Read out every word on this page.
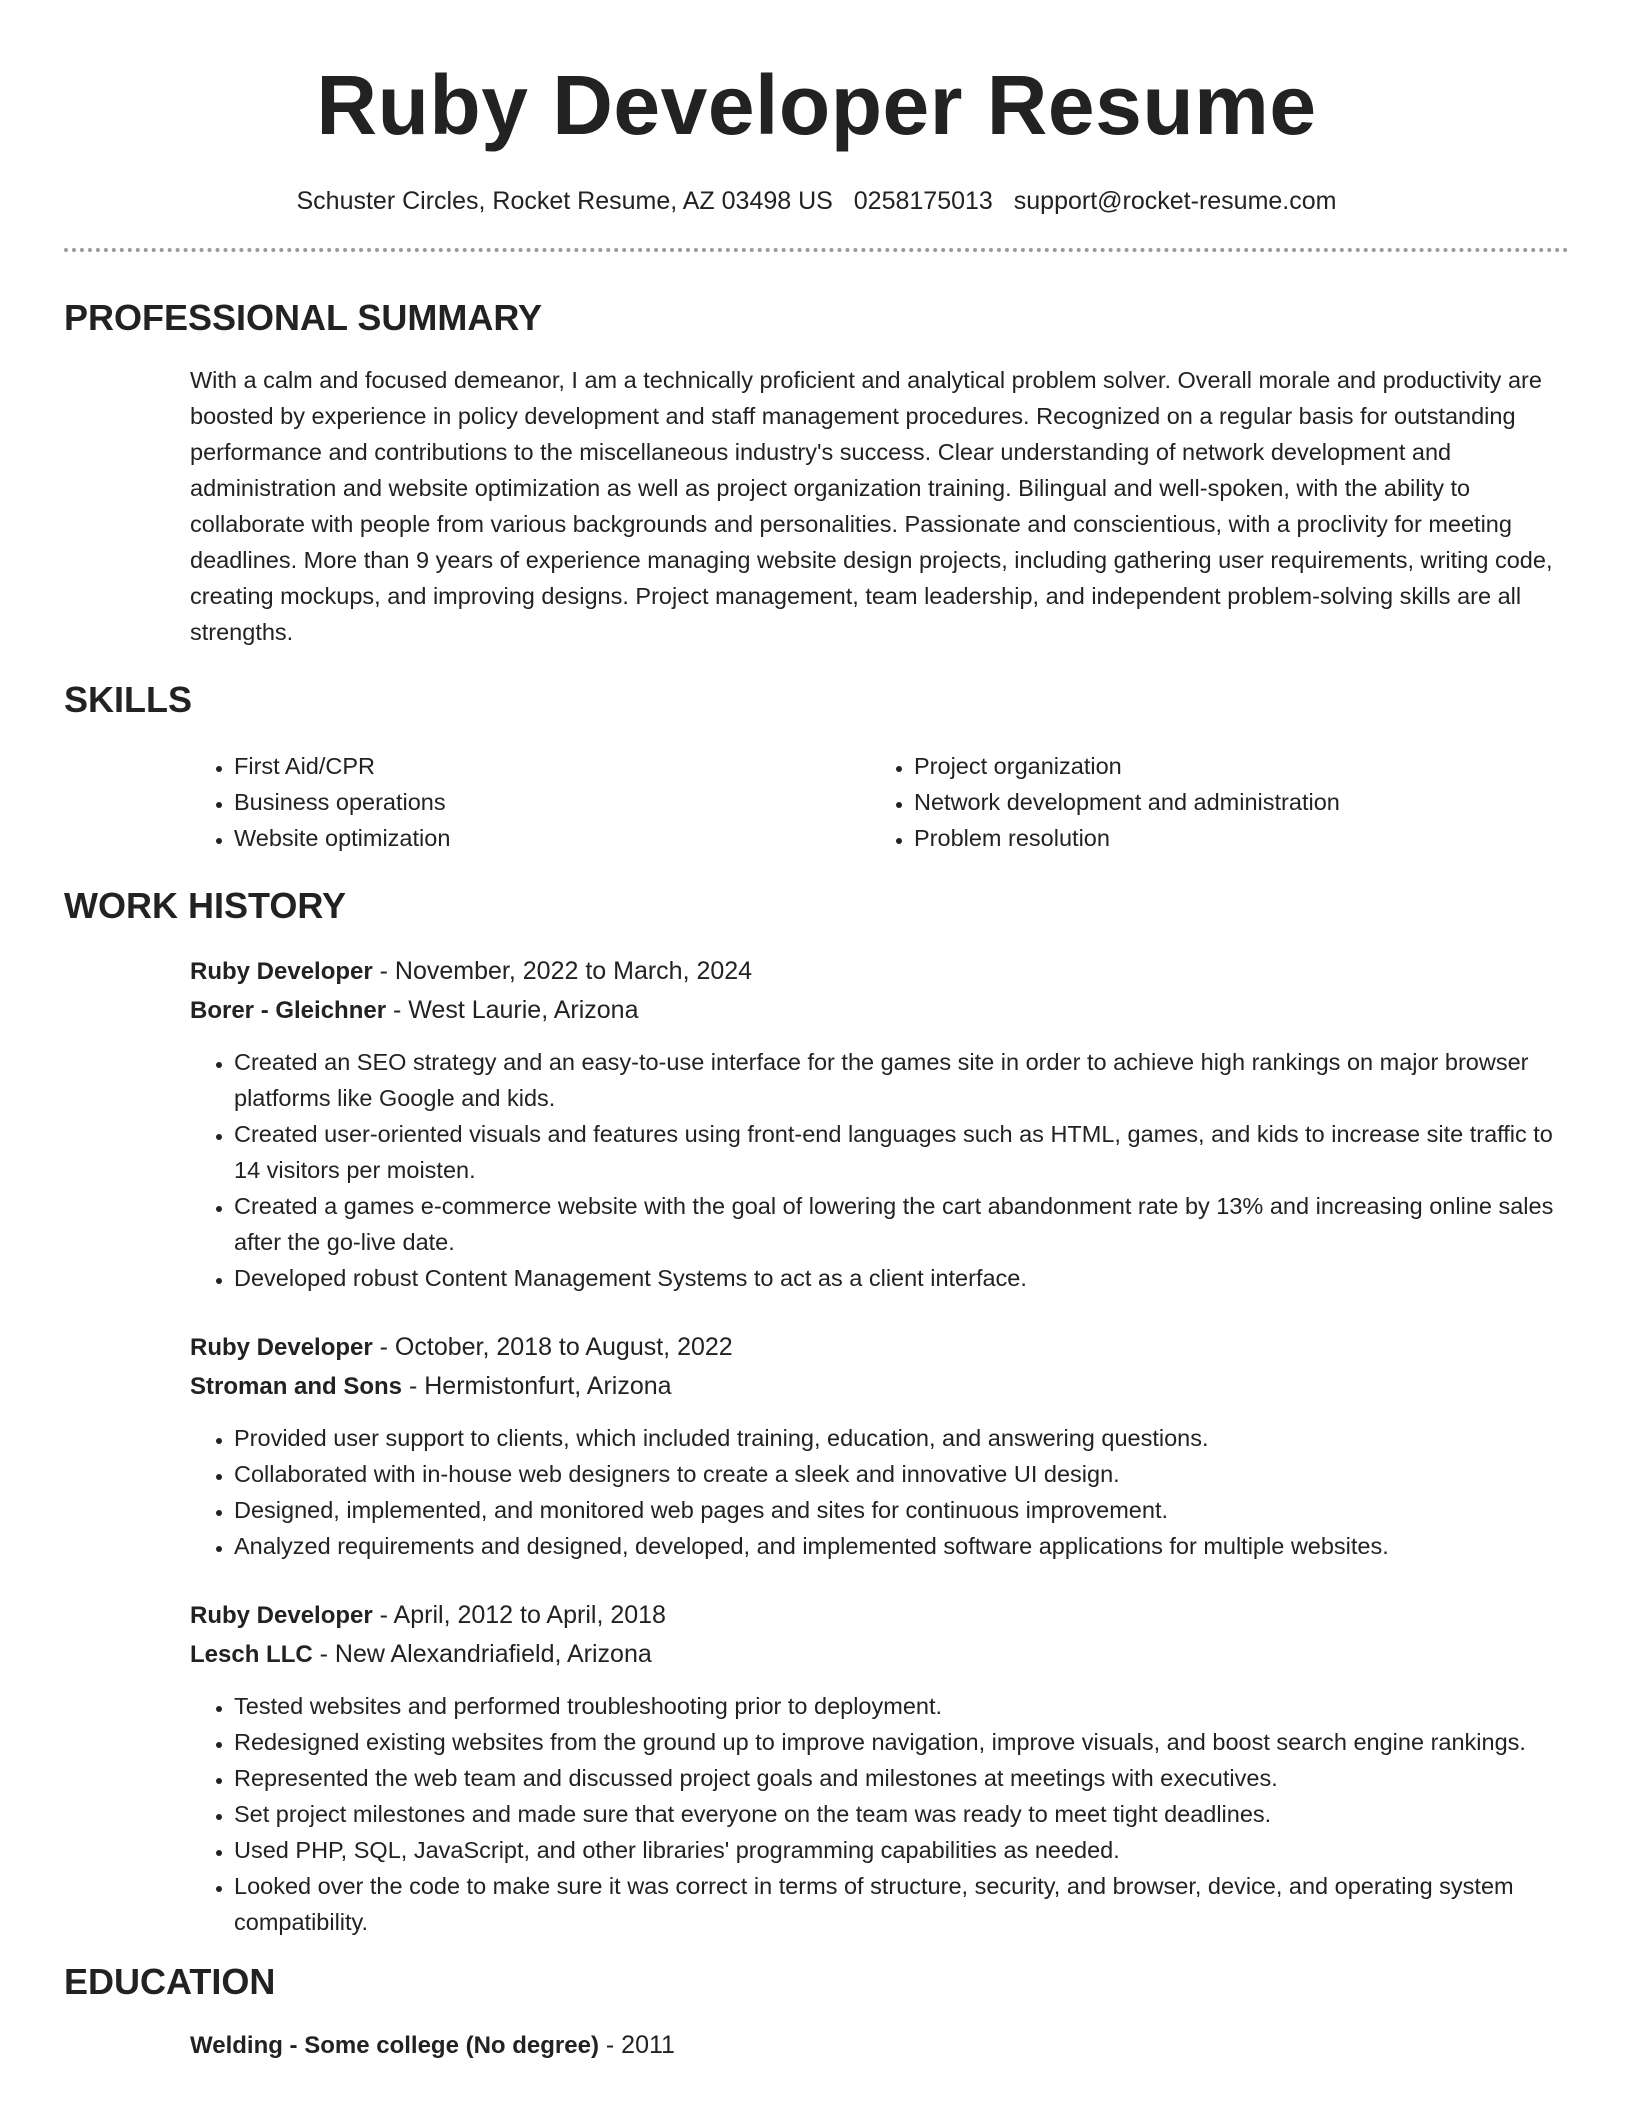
Ruby Developer Resume
Schuster Circles, Rocket Resume, AZ 03498 US 0258175013 support@rocket-resume.com
PROFESSIONAL SUMMARY

With a calm and focused demeanor, I am a technically proficient and analytical problem solver. Overall morale and productivity are boosted by experience in policy development and staff management procedures. Recognized on a regular basis for outstanding performance and contributions to the miscellaneous industry's success. Clear understanding of network development and administration and website optimization as well as project organization training. Bilingual and well-spoken, with the ability to collaborate with people from various backgrounds and personalities. Passionate and conscientious, with a proclivity for meeting deadlines. More than 9 years of experience managing website design projects, including gathering user requirements, writing code, creating mockups, and improving designs. Project management, team leadership, and independent problem-solving skills are all strengths.

SKILLS
• First Aid/CPR
• Business operations
• Website optimization
• Project organization
• Network development and administration
• Problem resolution
WORK HISTORY
Ruby Developer - November, 2022 to March, 2024
Borer - Gleichner - West Laurie, Arizona
• Created an SEO strategy and an easy-to-use interface for the games site in order to achieve high rankings on major browser platforms like Google and kids.
• Created user-oriented visuals and features using front-end languages such as HTML, games, and kids to increase site traffic to 14 visitors per moisten.
• Created a games e-commerce website with the goal of lowering the cart abandonment rate by 13% and increasing online sales after the go-live date.
• Developed robust Content Management Systems to act as a client interface.
Ruby Developer - October, 2018 to August, 2022
Stroman and Sons - Hermistonfurt, Arizona
• Provided user support to clients, which included training, education, and answering questions.
• Collaborated with in-house web designers to create a sleek and innovative UI design.
• Designed, implemented, and monitored web pages and sites for continuous improvement.
• Analyzed requirements and designed, developed, and implemented software applications for multiple websites.
Ruby Developer - April, 2012 to April, 2018
Lesch LLC - New Alexandriafield, Arizona
• Tested websites and performed troubleshooting prior to deployment.
• Redesigned existing websites from the ground up to improve navigation, improve visuals, and boost search engine rankings.
• Represented the web team and discussed project goals and milestones at meetings with executives.
• Set project milestones and made sure that everyone on the team was ready to meet tight deadlines.
• Used PHP, SQL, JavaScript, and other libraries' programming capabilities as needed.
• Looked over the code to make sure it was correct in terms of structure, security, and browser, device, and operating system compatibility.
EDUCATION
Welding - Some college (No degree) - 2011
